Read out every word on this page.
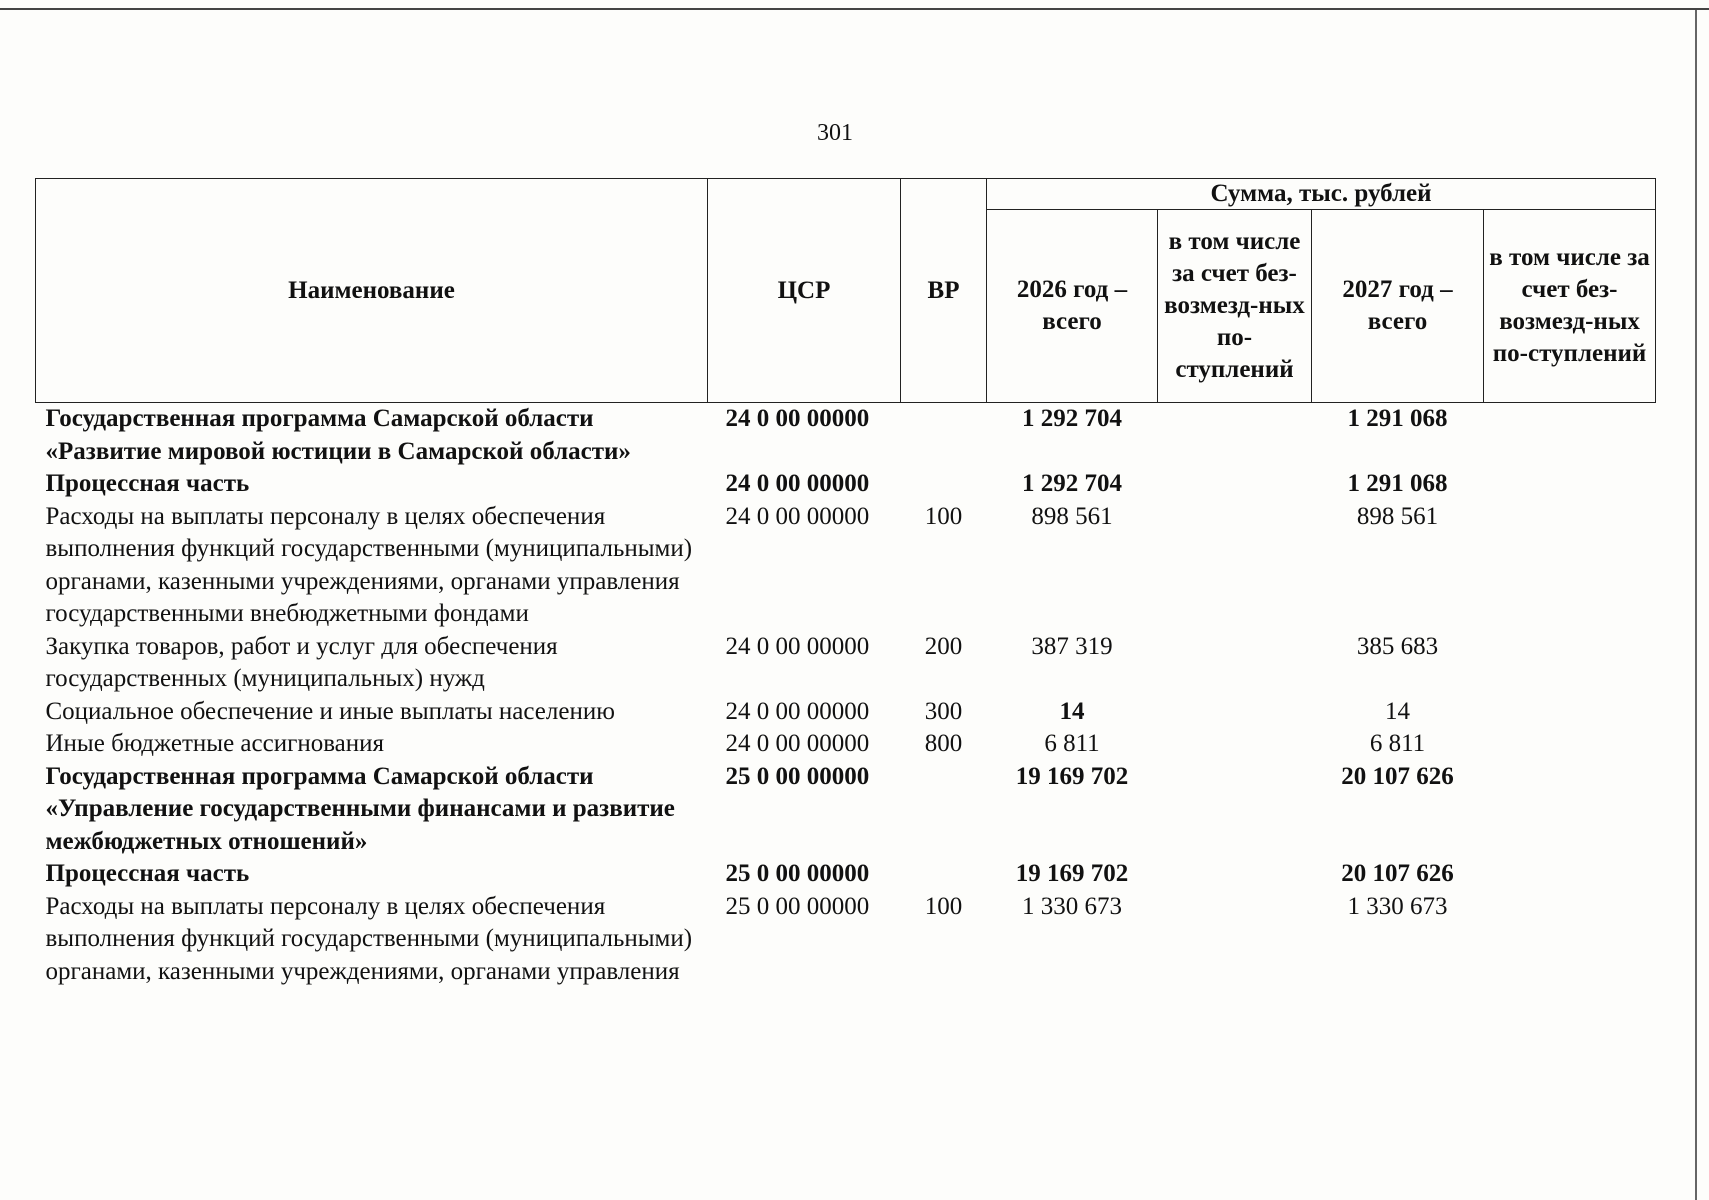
301
Наименование	ЦСР	ВР	Сумма, тыс. рублей			
			2026 год – всего	в том числе за счет без-возмезд-ных по-ступлений	2027 год – всего	в том числе за счет без-возмезд-ных по-ступлений
Государственная программа Самарской области «Развитие мировой юстиции в Самарской области»	24 0 00 00000		1 292 704		1 291 068	
Процессная часть	24 0 00 00000		1 292 704		1 291 068	
Расходы на выплаты персоналу в целях обеспечения выполнения функций государственными (муниципальными) органами, казенными учреждениями, органами управления государственными внебюджетными фондами	24 0 00 00000	100	898 561		898 561	
Закупка товаров, работ и услуг для обеспечения государственных (муниципальных) нужд	24 0 00 00000	200	387 319		385 683	
Социальное обеспечение и иные выплаты населению	24 0 00 00000	300	14		14	
Иные бюджетные ассигнования	24 0 00 00000	800	6 811		6 811	
Государственная программа Самарской области «Управление государственными финансами и развитие межбюджетных отношений»	25 0 00 00000		19 169 702		20 107 626	
Процессная часть	25 0 00 00000		19 169 702		20 107 626	
Расходы на выплаты персоналу в целях обеспечения выполнения функций государственными (муниципальными) органами, казенными учреждениями, органами управления	25 0 00 00000	100	1 330 673		1 330 673	
